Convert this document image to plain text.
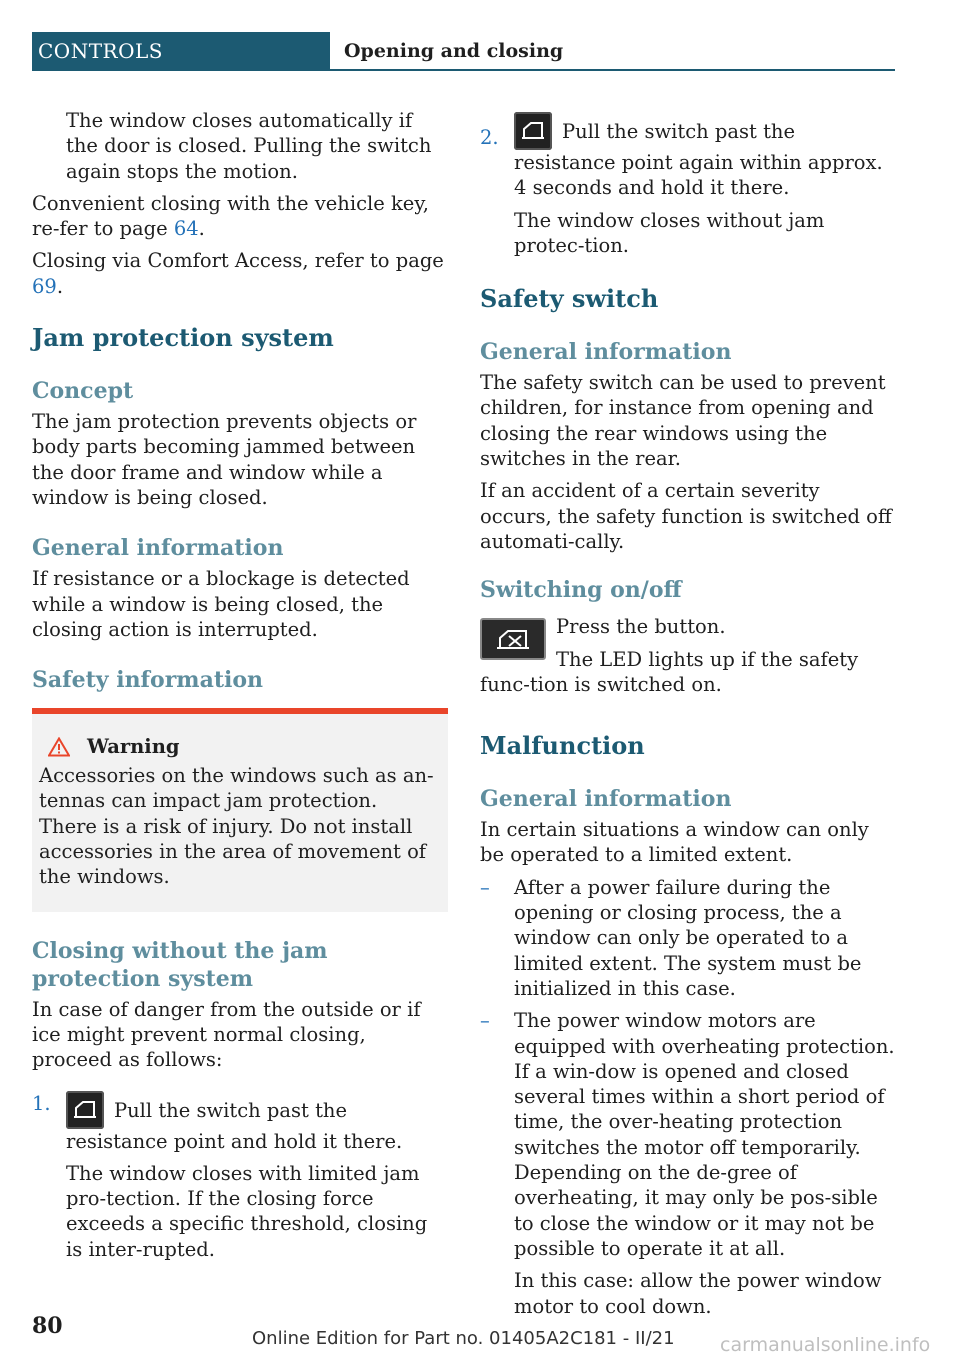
CONTROLS	Opening and closing

The window closes automatically if the door is closed. Pulling the switch again stops the motion.

Convenient closing with the vehicle key, re‐fer to page 64.

Closing via Comfort Access, refer to page 69.

Jam protection system
Concept

The jam protection prevents objects or body parts becoming jammed between the door frame and window while a window is being closed.

General information

If resistance or a blockage is detected while a window is being closed, the closing action is interrupted.

Safety information
Warning

Accessories on the windows such as an‐tennas can impact jam protection. There is a risk of injury. Do not install accessories in the area of movement of the windows.

Closing without the jam protection system

In case of danger from the outside or if ice might prevent normal closing, proceed as follows:

1.	Pull the switch past the resistance point and hold it there.

The window closes with limited jam pro‐tection. If the closing force exceeds a specific threshold, closing is inter‐rupted.

2.	Pull the switch past the resistance point again within approx. 4 seconds and hold it there.

The window closes without jam protec‐tion.

Safety switch
General information

The safety switch can be used to prevent children, for instance from opening and closing the rear windows using the switches in the rear.

If an accident of a certain severity occurs, the safety function is switched off automati‐cally.

Switching on/off

Press the button.

The LED lights up if the safety func‐tion is switched on.

Malfunction
General information

In certain situations a window can only be operated to a limited extent.

– After a power failure during the opening or closing process, the a window can only be operated to a limited extent. The system must be initialized in this case.

– The power window motors are equipped with overheating protection. If a win‐dow is opened and closed several times within a short period of time, the over‐heating protection switches the motor off temporarily. Depending on the de‐gree of overheating, it may only be pos‐sible to close the window or it may not be possible to operate it at all.

In this case: allow the power window motor to cool down.

80	Online Edition for Part no. 01405A2C181 - II/21 carmanualsonline.info
